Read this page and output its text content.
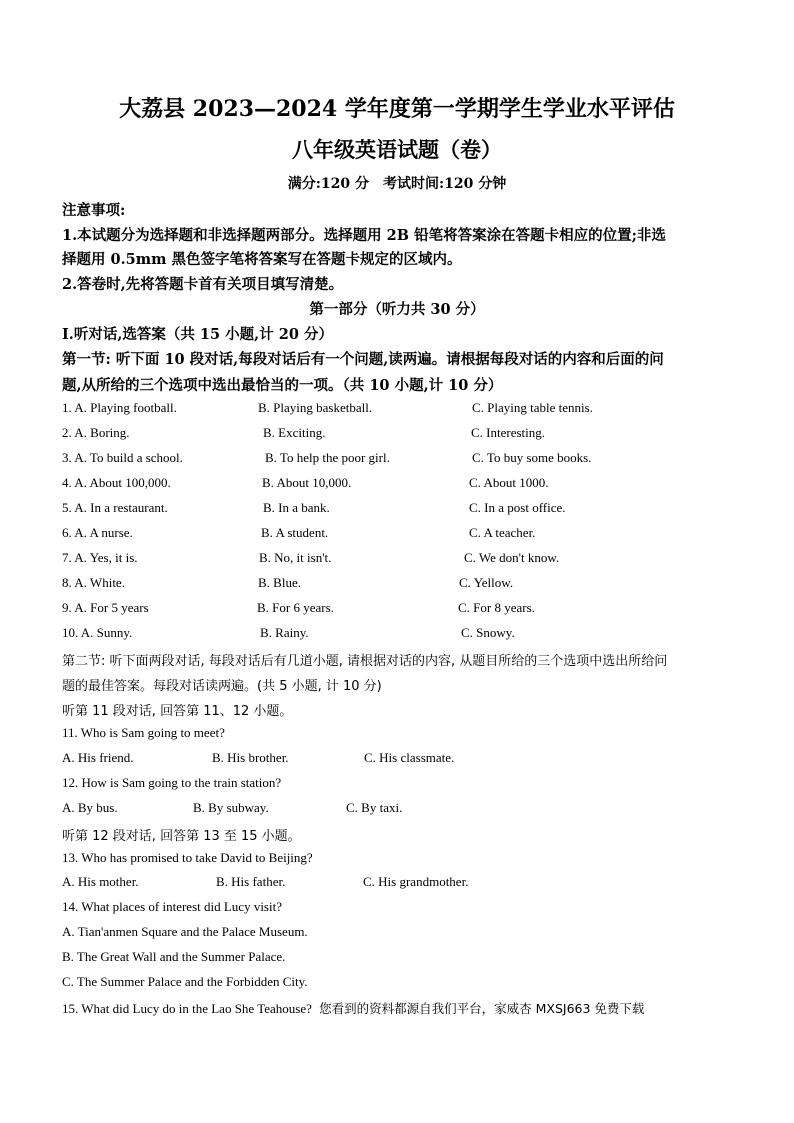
大荔县 2023—2024 学年度第一学期学生学业水平评估
八年级英语试题（卷）
满分:120 分　考试时间:120 分钟
注意事项:
1.本试题分为选择题和非选择题两部分。选择题用 2B 铅笔将答案涂在答题卡相应的位置;非选
择题用 0.5mm 黑色签字笔将答案写在答题卡规定的区域内。
2.答卷时,先将答题卡首有关项目填写清楚。
第一部分（听力共 30 分）
I.听对话,选答案（共 15 小题,计 20 分）
第一节: 听下面 10 段对话,每段对话后有一个问题,读两遍。请根据每段对话的内容和后面的问
题,从所给的三个选项中选出最恰当的一项。（共 10 小题,计 10 分）
1. A. Playing football.	B. Playing basketball.	C. Playing table tennis.
2. A. Boring.	B. Exciting.	C. Interesting.
3. A. To build a school.	B. To help the poor girl.	C. To buy some books.
4. A. About 100,000.	B. About 10,000.	C. About 1000.
5. A. In a restaurant.	B. In a bank.	C. In a post office.
6. A. A nurse.	B. A student.	C. A teacher.
7. A. Yes, it is.	B. No, it isn't.	C. We don't know.
8. A. White.	B. Blue.	C. Yellow.
9. A. For 5 years	B. For 6 years.	C. For 8 years.
10. A. Sunny.	B. Rainy.	C. Snowy.
第二节: 听下面两段对话, 每段对话后有几道小题, 请根据对话的内容, 从题目所给的三个选项中选出所给问
题的最佳答案。每段对话读两遍。(共 5 小题, 计 10 分)
听第 11 段对话, 回答第 11、12 小题。
11. Who is Sam going to meet?
A. His friend.	B. His brother.	C. His classmate.
12. How is Sam going to the train station?
A. By bus.	B. By subway.	C. By taxi.
听第 12 段对话, 回答第 13 至 15 小题。
13. Who has promised to take David to Beijing?
A. His mother.	B. His father.	C. His grandmother.
14. What places of interest did Lucy visit?
A. Tian'anmen Square and the Palace Museum.
B. The Great Wall and the Summer Palace.
C. The Summer Palace and the Forbidden City.
15. What did Lucy do in the Lao She Teahouse? 您看到的资料都源自我们平台，家威杏 MXSJ663 免费下载
